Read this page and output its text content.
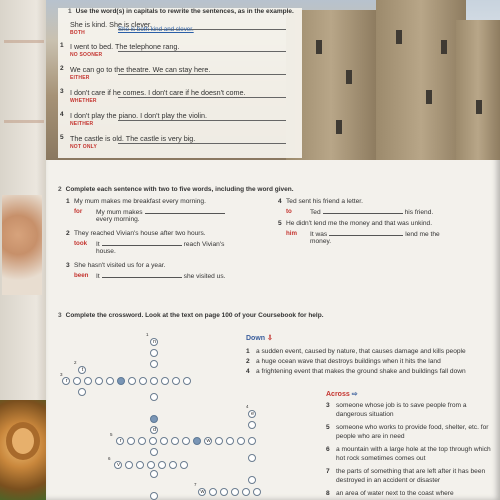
1 Use the word(s) in capitals to rewrite the sentences, as in the example.
She is kind. She is clever.
BOTH	She is both kind and clever.
1 I went to bed. The telephone rang.
NO SOONER
2 We can go to the theatre. We can stay here.
EITHER
3 I don't care if he comes. I don't care if he doesn't come.
WHETHER
4 I don't play the piano. I don't play the violin.
NEITHER
5 The castle is old. The castle is very big.
NOT ONLY
2 Complete each sentence with two to five words, including the word given.
1 My mum makes me breakfast every morning.
for My mum makes
every morning.
2 They reached Vivian's house after two hours.
took It	reach Vivian's
house.
3 She hasn't visited us for a year.
been It	she visited us.
4 Ted sent his friend a letter.
to	Ted	his friend.
5 He didn't lend me the money and that was unkind.
him It was	lend me the
money.
3 Complete the crossword. Look at the text on page 100 of your Coursebook for help.
1
2
3
4
5
6
7
n
d
t
r
e
r	w
v
w
Down ⇩
1 a sudden event, caused by nature, that causes damage and kills people
2 a huge ocean wave that destroys buildings when it hits the land
4 a frightening event that makes the ground shake and buildings fall down
Across ⇨
3 someone whose job is to save people from a dangerous situation
5 someone who works to provide food, shelter, etc. for people who are in need
6 a mountain with a large hole at the top through which hot rock sometimes comes out
7 the parts of something that are left after it has been destroyed in an accident or disaster
8 an area of water next to the coast where
